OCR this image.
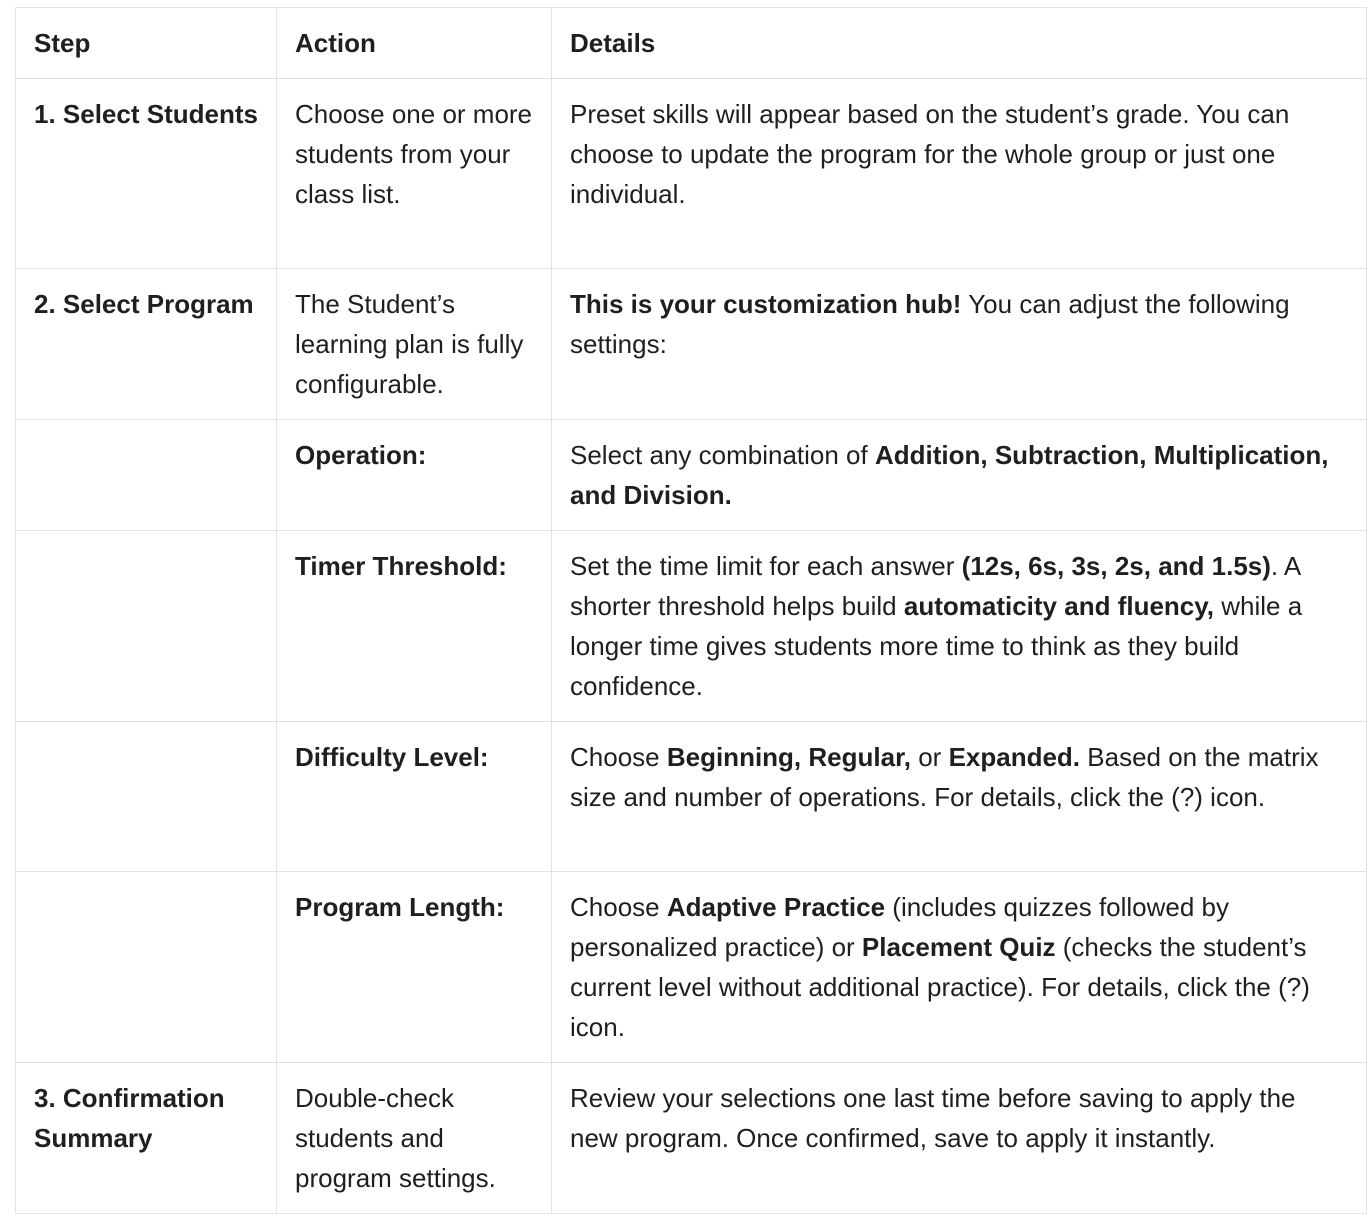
Step	Action	Details
1. Select Students	Choose one or more students from your class list.	Preset skills will appear based on the student’s grade. You can choose to update the program for the whole group or just one individual.
2. Select Program	The Student’s learning plan is fully configurable.	This is your customization hub! You can adjust the following settings:
	Operation:	Select any combination of Addition, Subtraction, Multiplication, and Division.
	Timer Threshold:	Set the time limit for each answer (12s, 6s, 3s, 2s, and 1.5s). A shorter threshold helps build automaticity and fluency, while a longer time gives students more time to think as they build confidence.
	Difficulty Level:	Choose Beginning, Regular, or Expanded. Based on the matrix size and number of operations. For details, click the (?) icon.
	Program Length:	Choose Adaptive Practice (includes quizzes followed by personalized practice) or Placement Quiz (checks the student’s current level without additional practice). For details, click the (?) icon.
3. Confirmation Summary	Double-check students and program settings.	Review your selections one last time before saving to apply the new program. Once confirmed, save to apply it instantly.
